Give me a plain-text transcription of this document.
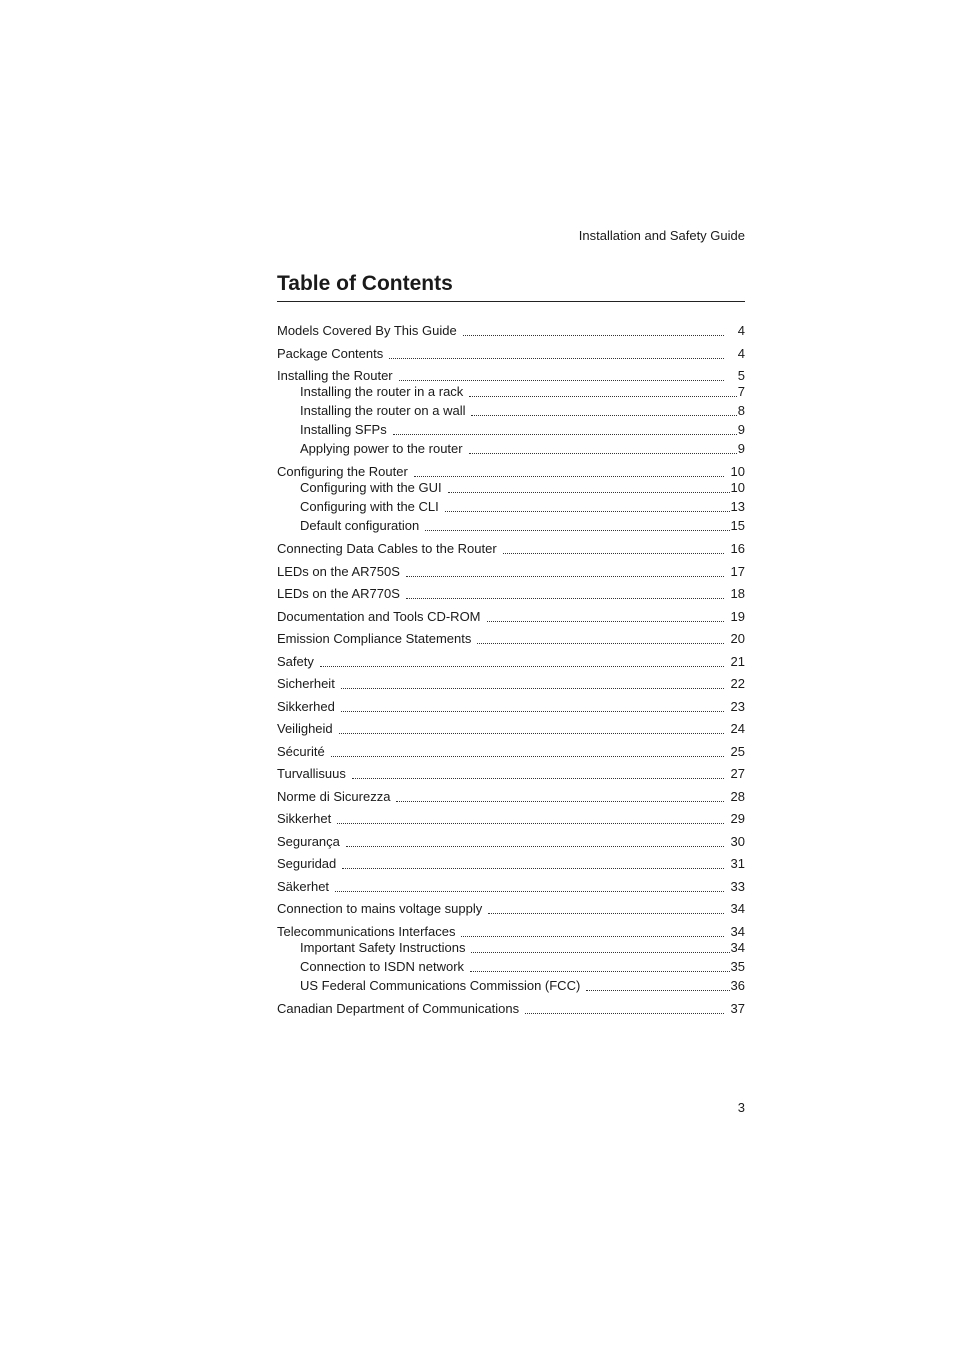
Installation and Safety Guide
Table of Contents
Models Covered By This Guide	4
Package Contents	4
Installing the Router	5
Installing the router in a rack	7
Installing the router on a wall	8
Installing SFPs	9
Applying power to the router	9
Configuring the Router	10
Configuring with the GUI	10
Configuring with the CLI	13
Default configuration	15
Connecting Data Cables to the Router	16
LEDs on the AR750S	17
LEDs on the AR770S	18
Documentation and Tools CD-ROM	19
Emission Compliance Statements	20
Safety	21
Sicherheit	22
Sikkerhed	23
Veiligheid	24
Sécurité	25
Turvallisuus	27
Norme di Sicurezza	28
Sikkerhet	29
Segurança	30
Seguridad	31
Säkerhet	33
Connection to mains voltage supply	34
Telecommunications Interfaces	34
Important Safety Instructions	34
Connection to ISDN network	35
US Federal Communications Commission (FCC)	36
Canadian Department of Communications	37
3
